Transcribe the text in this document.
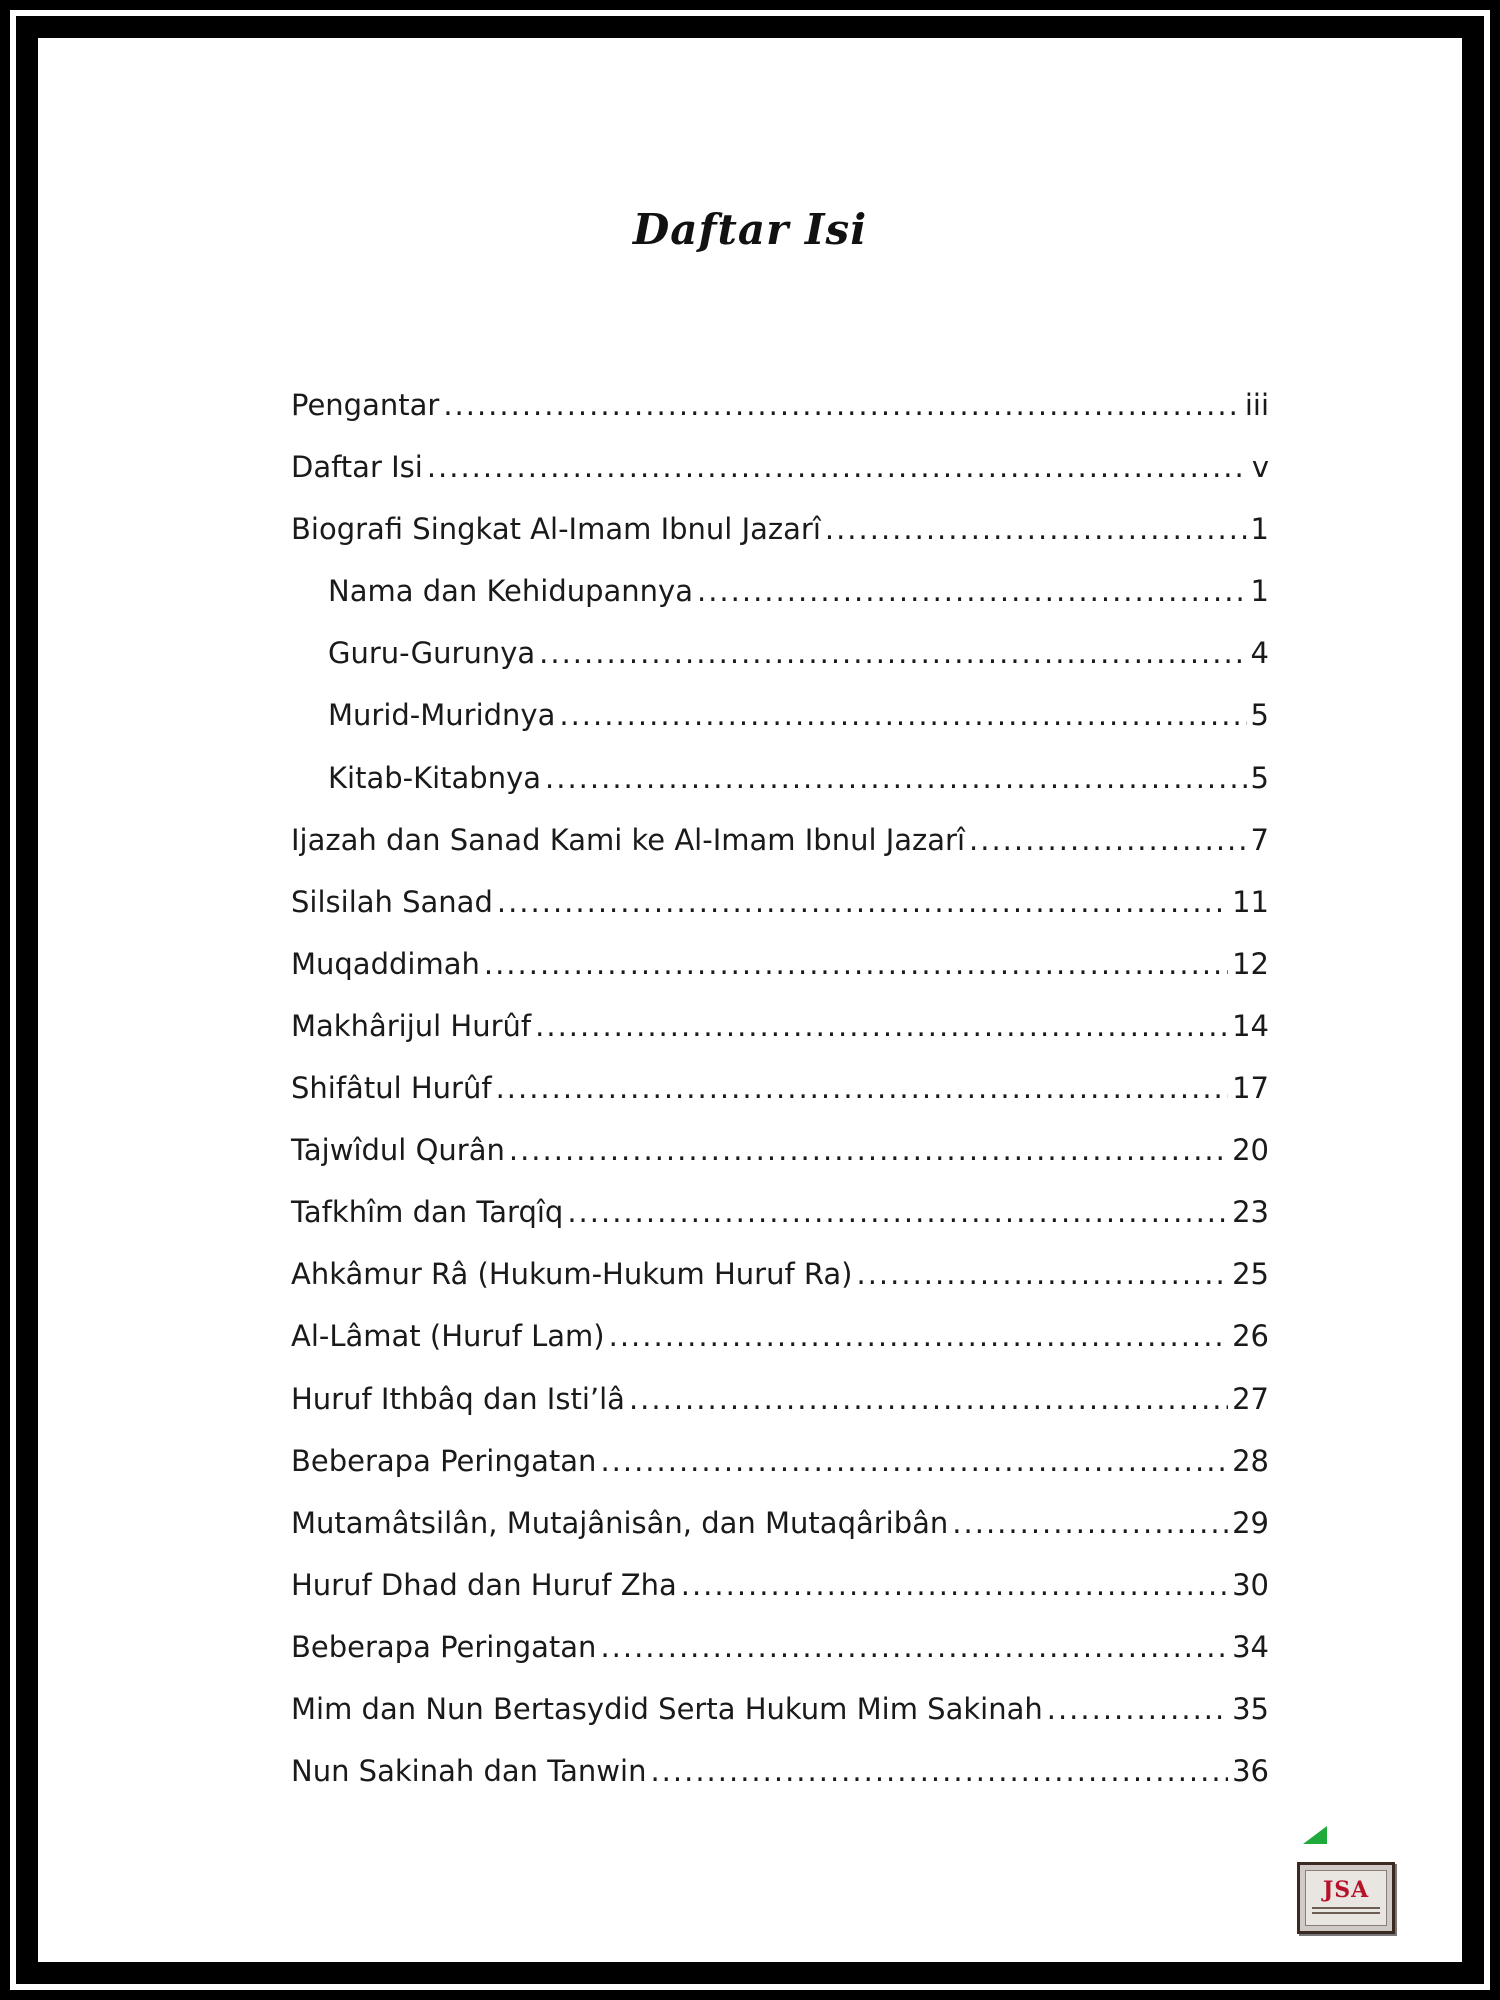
Daftar Isi
Pengantar .....	iii
Daftar Isi .....	v
Biografi Singkat Al-Imam Ibnul Jazarî .....	1
Nama dan Kehidupannya .....	1
Guru-Gurunya .....	4
Murid-Muridnya .....	5
Kitab-Kitabnya .....	5
Ijazah dan Sanad Kami ke Al-Imam Ibnul Jazarî .....	7
Silsilah Sanad .....	11
Muqaddimah .....	12
Makhârijul Hurûf .....	14
Shifâtul Hurûf .....	17
Tajwîdul Qurân .....	20
Tafkhîm dan Tarqîq .....	23
Ahkâmur Râ (Hukum-Hukum Huruf Ra) .....	25
Al-Lâmat (Huruf Lam) .....	26
Huruf Ithbâq dan Isti’lâ .....	27
Beberapa Peringatan .....	28
Mutamâtsilân, Mutajânisân, dan Mutaqâribân .....	29
Huruf Dhad dan Huruf Zha .....	30
Beberapa Peringatan .....	34
Mim dan Nun Bertasydid Serta Hukum Mim Sakinah .....	35
Nun Sakinah dan Tanwin .....	36
JSA
